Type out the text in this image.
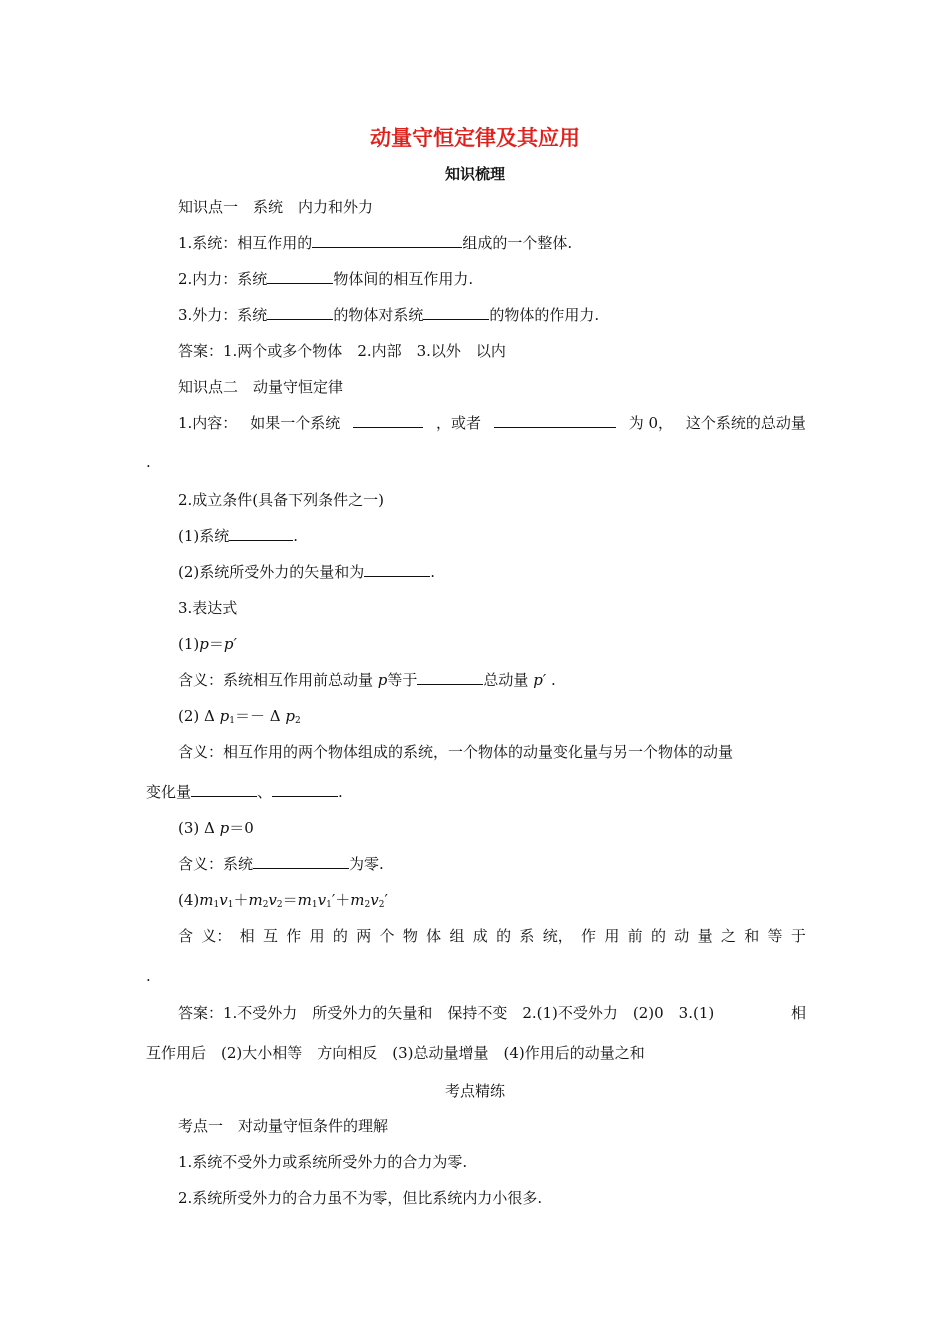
动量守恒定律及其应用
知识梳理
知识点一　系统　内力和外力
1.系统：相互作用的	组成的一个整体.
2.内力：系统	物体间的相互作用力.
3.外力：系统	的物体对系统	的物体的作用力.
答案：1.两个或多个物体　2.内部　3.以外　以内
知识点二　动量守恒定律
1.内容： 如果一个系统	，或者	为 0， 这个系统的总动量
.
2.成立条件(具备下列条件之一)
(1)系统	.
(2)系统所受外力的矢量和为	.
3.表达式
(1)p＝p′
含义：系统相互作用前总动量 p等于	总动量 p′ .
(2) Δ $p_1=- \Delta$ $p_2$
含义：相互作用的两个物体组成的系统，一个物体的动量变化量与另一个物体的动量
变化量	、	.
(3) Δ p＝0
含义：系统	为零.
$(4)m_1v_1+m_2v_2=m_1v_1'+m_2v_2'$
含 义： 相 互 作 用 的 两 个 物 体 组 成 的 系 统， 作 用 前 的 动 量 之 和 等 于
.
答案：1.不受外力　所受外力的矢量和　保持不变　2.(1)不受外力　(2)0　3.(1)	相
互作用后　(2)大小相等　方向相反　(3)总动量增量　(4)作用后的动量之和
考点精练
考点一　对动量守恒条件的理解
1.系统不受外力或系统所受外力的合力为零.
2.系统所受外力的合力虽不为零，但比系统内力小很多.
